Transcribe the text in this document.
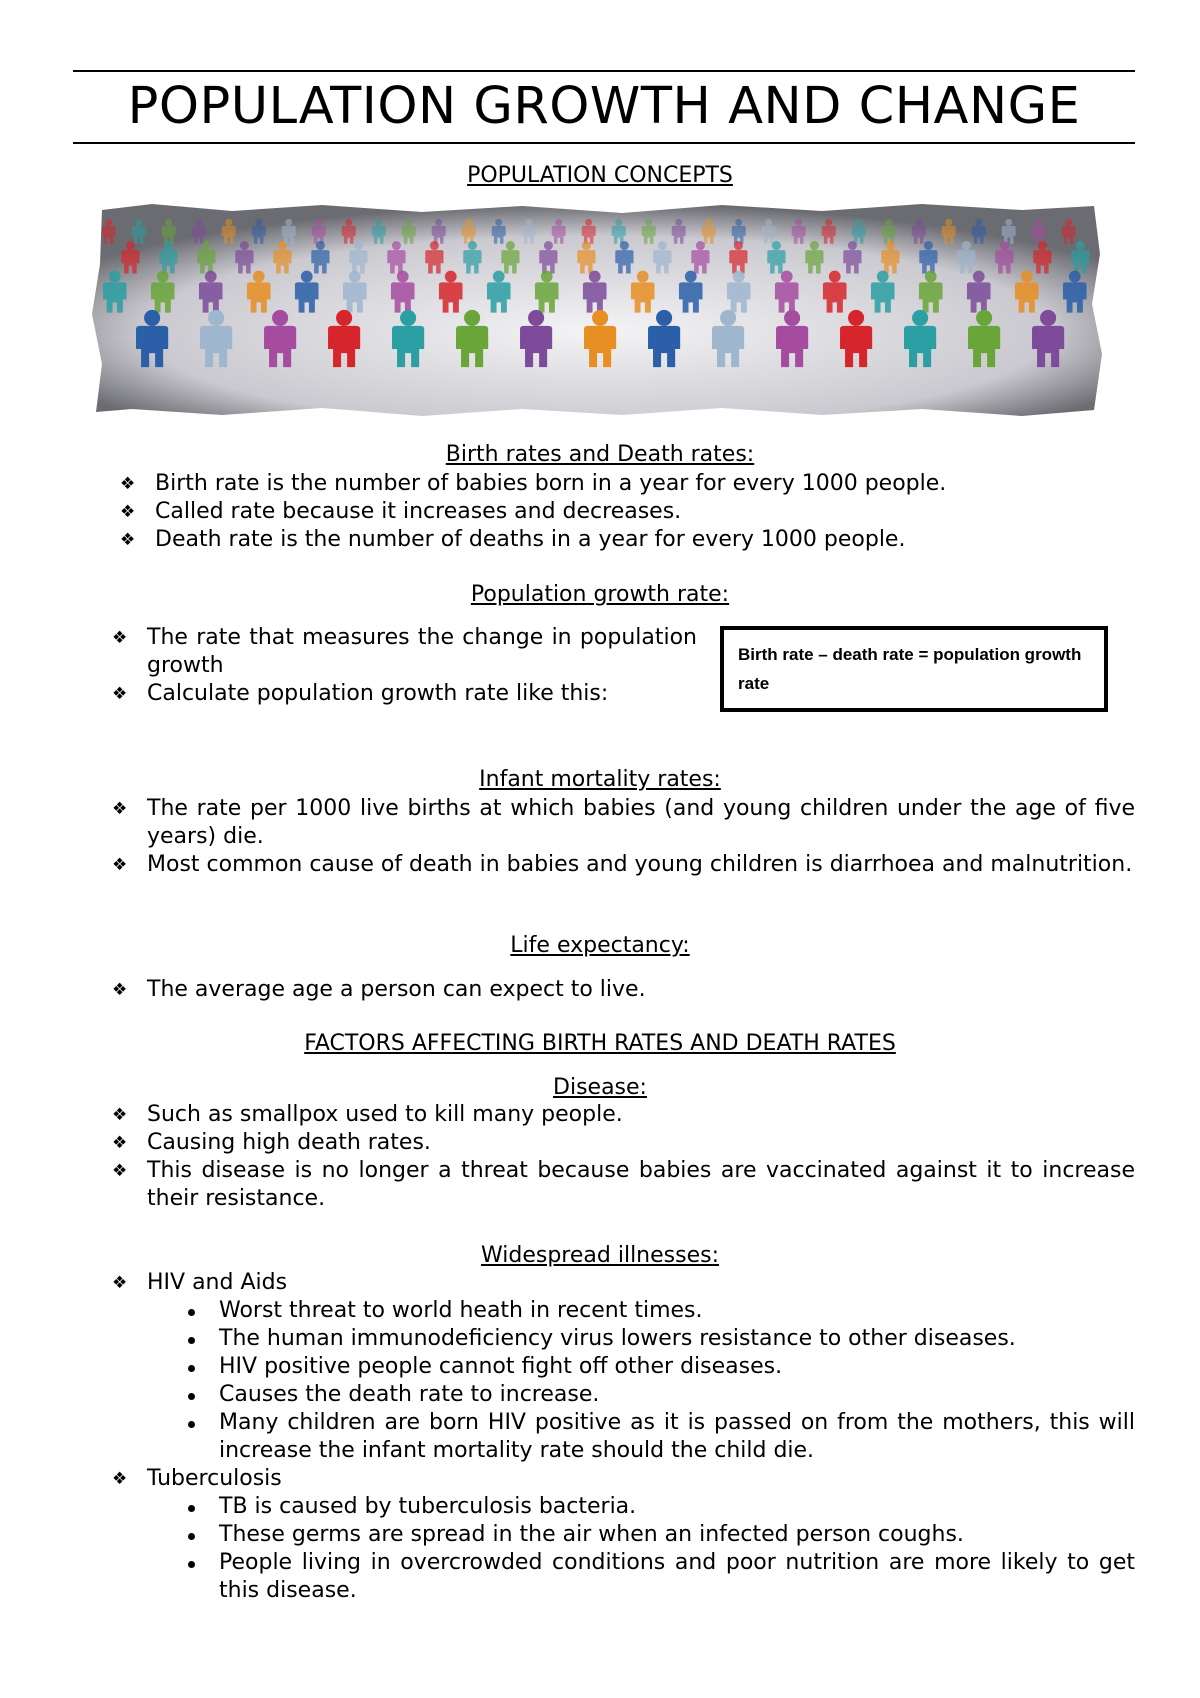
POPULATION GROWTH AND CHANGE
POPULATION CONCEPTS
Birth rates and Death rates:
❖ Birth rate is the number of babies born in a year for every 1000 people.
❖ Called rate because it increases and decreases.
❖ Death rate is the number of deaths in a year for every 1000 people.
Population growth rate:
❖ The rate that measures the change in population growth
❖ Calculate population growth rate like this:
Birth rate – death rate = population growth rate
Infant mortality rates:
❖ The rate per 1000 live births at which babies (and young children under the age of five years) die.
❖ Most common cause of death in babies and young children is diarrhoea and malnutrition.
Life expectancy:
❖ The average age a person can expect to live.
FACTORS AFFECTING BIRTH RATES AND DEATH RATES
Disease:
❖ Such as smallpox used to kill many people.
❖ Causing high death rates.
❖ This disease is no longer a threat because babies are vaccinated against it to increase their resistance.
Widespread illnesses:
❖ HIV and Aids
Worst threat to world heath in recent times.
The human immunodeficiency virus lowers resistance to other diseases.
HIV positive people cannot fight off other diseases.
Causes the death rate to increase.
Many children are born HIV positive as it is passed on from the mothers, this will increase the infant mortality rate should the child die.
❖ Tuberculosis
TB is caused by tuberculosis bacteria.
These germs are spread in the air when an infected person coughs.
People living in overcrowded conditions and poor nutrition are more likely to get this disease.
